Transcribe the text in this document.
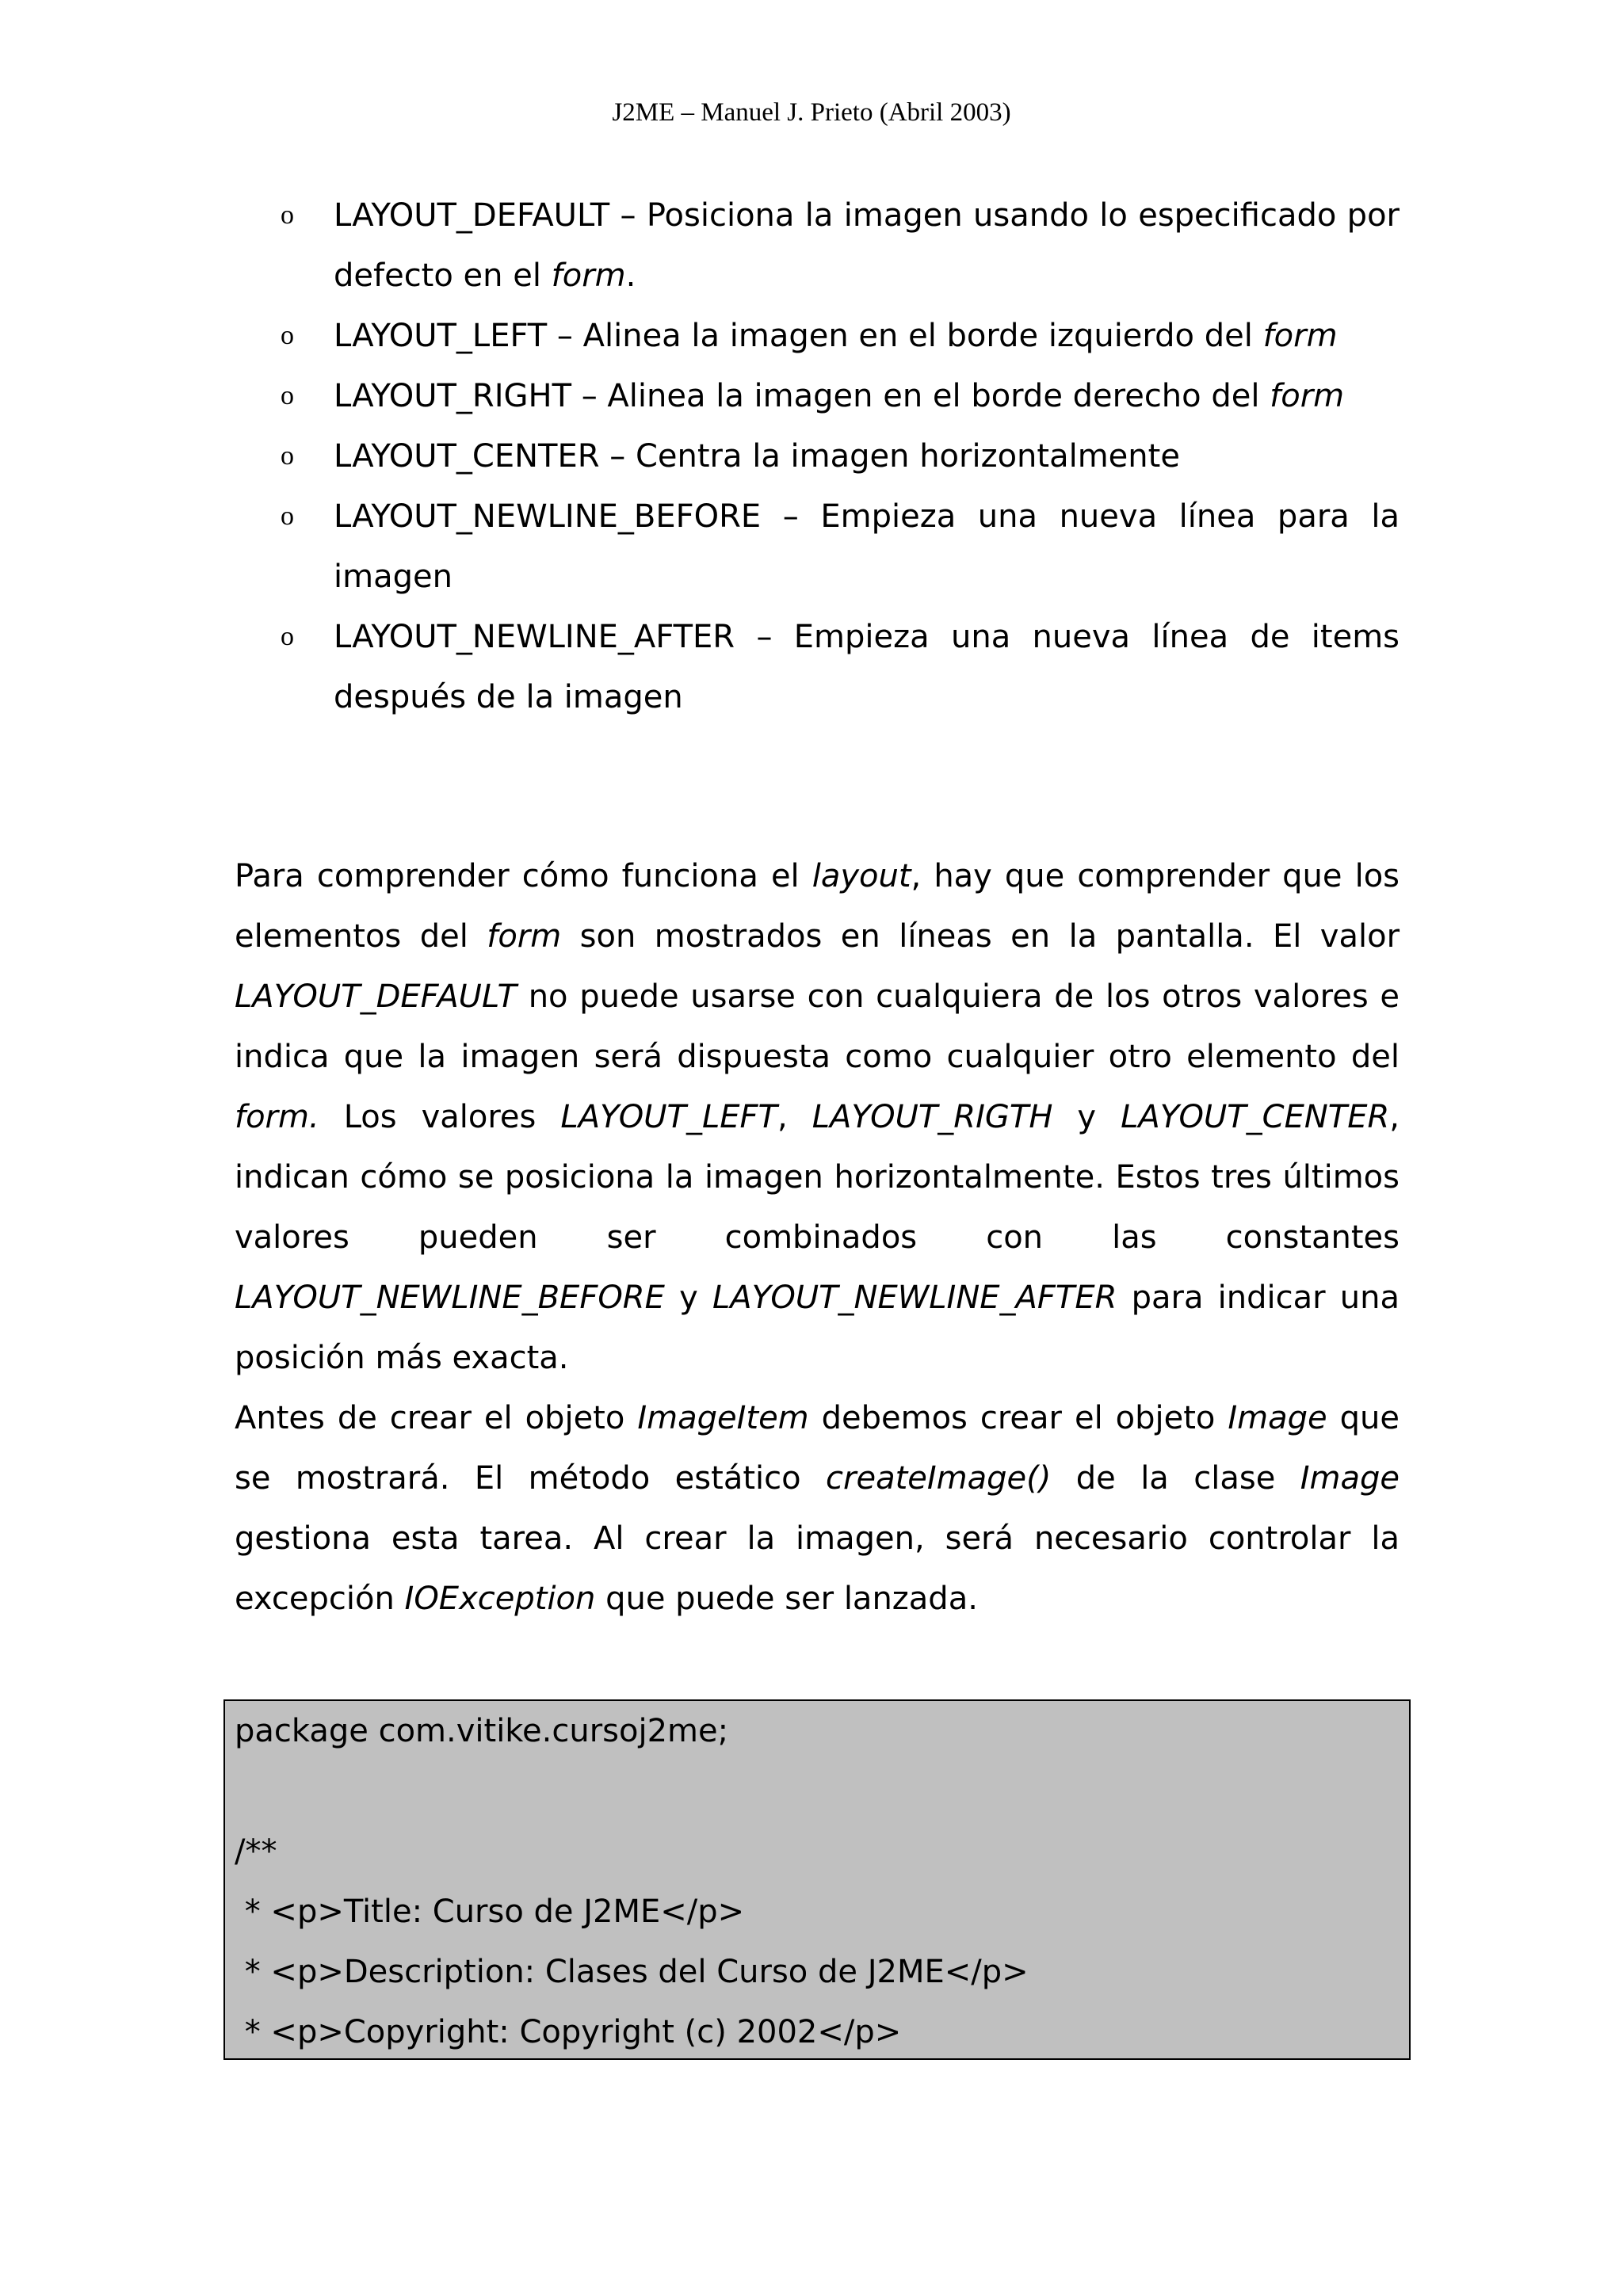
J2ME – Manuel J. Prieto (Abril 2003)
o LAYOUT_DEFAULT – Posiciona la imagen usando lo especificado por defecto en el form.
o LAYOUT_LEFT – Alinea la imagen en el borde izquierdo del form
o LAYOUT_RIGHT – Alinea la imagen en el borde derecho del form
o LAYOUT_CENTER – Centra la imagen horizontalmente
o LAYOUT_NEWLINE_BEFORE – Empieza una nueva línea para la imagen
o LAYOUT_NEWLINE_AFTER – Empieza una nueva línea de items después de la imagen

Para comprender cómo funciona el layout, hay que comprender que los elementos del form son mostrados en líneas en la pantalla. El valor LAYOUT_DEFAULT no puede usarse con cualquiera de los otros valores e indica que la imagen será dispuesta como cualquier otro elemento del form. Los valores LAYOUT_LEFT, LAYOUT_RIGTH y LAYOUT_CENTER, indican cómo se posiciona la imagen horizontalmente. Estos tres últimos valores pueden ser combinados con las constantes LAYOUT_NEWLINE_BEFORE y LAYOUT_NEWLINE_AFTER para indicar una posición más exacta.

Antes de crear el objeto ImageItem debemos crear el objeto Image que se mostrará. El método estático createImage() de la clase Image gestiona esta tarea. Al crear la imagen, será necesario controlar la excepción IOException que puede ser lanzada.

package com.vitike.cursoj2me;
/**
* <p>Title: Curso de J2ME</p>
* <p>Description: Clases del Curso de J2ME</p>
* <p>Copyright: Copyright (c) 2002</p>
